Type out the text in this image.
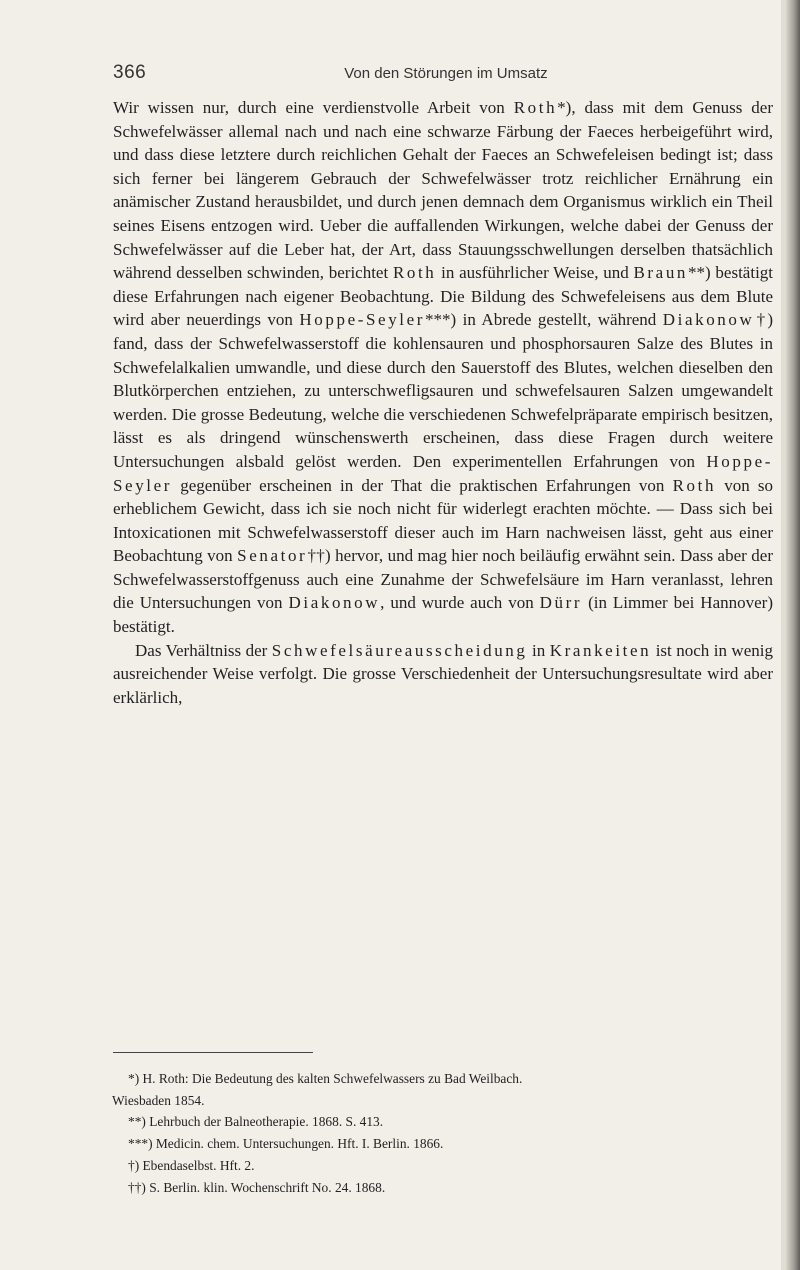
366	Von den Störungen im Umsatz

Wir wissen nur, durch eine verdienstvolle Arbeit von Roth*), dass mit dem Genuss der Schwefelwässer allemal nach und nach eine schwarze Färbung der Faeces herbeigeführt wird, und dass diese letztere durch reichlichen Gehalt der Faeces an Schwefeleisen bedingt ist; dass sich ferner bei längerem Gebrauch der Schwefelwässer trotz reichlicher Ernährung ein anämischer Zustand herausbildet, und durch jenen demnach dem Organismus wirklich ein Theil seines Eisens entzogen wird. Ueber die auffallenden Wirkungen, welche dabei der Genuss der Schwefelwässer auf die Leber hat, der Art, dass Stauungsschwellungen derselben thatsächlich während desselben schwinden, berichtet Roth in ausführlicher Weise, und Braun**) bestätigt diese Erfahrungen nach eigener Beobachtung. Die Bildung des Schwefeleisens aus dem Blute wird aber neuerdings von Hoppe-Seyler***) in Abrede gestellt, während Diakonow†) fand, dass der Schwefelwasserstoff die kohlensauren und phosphorsauren Salze des Blutes in Schwefelalkalien umwandle, und diese durch den Sauerstoff des Blutes, welchen dieselben den Blutkörperchen entziehen, zu unterschwefligsauren und schwefelsauren Salzen umgewandelt werden. Die grosse Bedeutung, welche die verschiedenen Schwefelpräparate empirisch besitzen, lässt es als dringend wünschenswerth erscheinen, dass diese Fragen durch weitere Untersuchungen alsbald gelöst werden. Den experimentellen Erfahrungen von Hoppe-Seyler gegenüber erscheinen in der That die praktischen Erfahrungen von Roth von so erheblichem Gewicht, dass ich sie noch nicht für widerlegt erachten möchte. — Dass sich bei Intoxicationen mit Schwefelwasserstoff dieser auch im Harn nachweisen lässt, geht aus einer Beobachtung von Senator††) hervor, und mag hier noch beiläufig erwähnt sein. Dass aber der Schwefelwasserstoffgenuss auch eine Zunahme der Schwefelsäure im Harn veranlasst, lehren die Untersuchungen von Diakonow, und wurde auch von Dürr (in Limmer bei Hannover) bestätigt.

Das Verhältniss der Schwefelsäureausscheidung in Krankeiten ist noch in wenig ausreichender Weise verfolgt. Die grosse Verschiedenheit der Untersuchungsresultate wird aber erklärlich,

*) H. Roth: Die Bedeutung des kalten Schwefelwassers zu Bad Weilbach.
Wiesbaden 1854.
**) Lehrbuch der Balneotherapie. 1868. S. 413.
***) Medicin. chem. Untersuchungen. Hft. I. Berlin. 1866.
†) Ebendaselbst. Hft. 2.
††) S. Berlin. klin. Wochenschrift No. 24. 1868.
